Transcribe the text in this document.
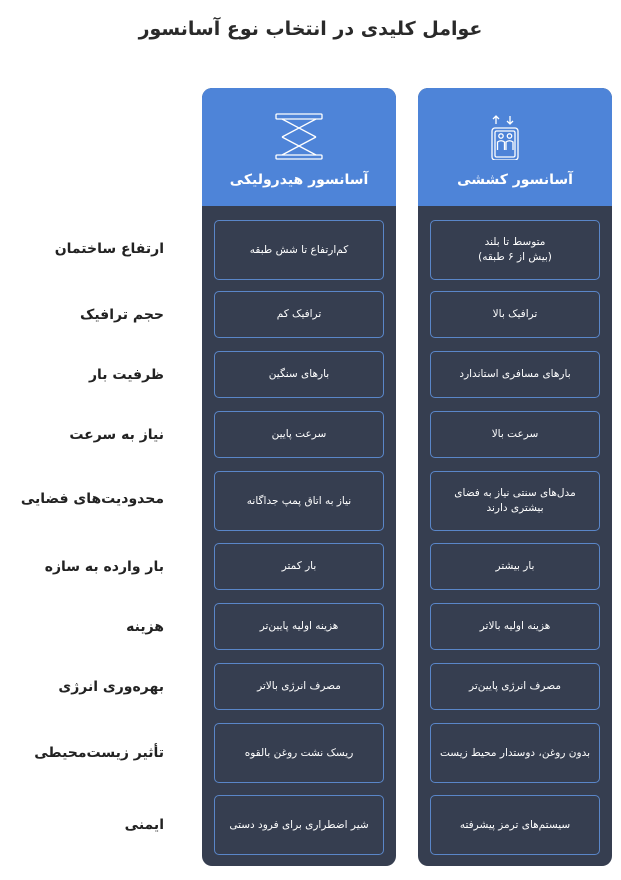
عوامل کلیدی در انتخاب نوع آسانسور
آسانسور کششی
متوسط تا بلند
(بیش از ۶ طبقه)
ترافیک بالا
بارهای مسافری استاندارد
سرعت بالا
مدل‌های سنتی نیاز به فضای بیشتری دارند
بار بیشتر
هزینه اولیه بالاتر
مصرف انرژی پایین‌تر
بدون روغن، دوستدار محیط زیست
سیستم‌های ترمز پیشرفته
آسانسور هیدرولیکی
کم‌ارتفاع تا شش طبقه
ترافیک کم
بارهای سنگین
سرعت پایین
نیاز به اتاق پمپ جداگانه
بار کمتر
هزینه اولیه پایین‌تر
مصرف انرژی بالاتر
ریسک نشت روغن بالقوه
شیر اضطراری برای فرود دستی
ارتفاع ساختمان
حجم ترافیک
ظرفیت بار
نیاز به سرعت
محدودیت‌های فضایی
بار وارده به سازه
هزینه
بهره‌وری انرژی
تأثیر زیست‌محیطی
ایمنی
